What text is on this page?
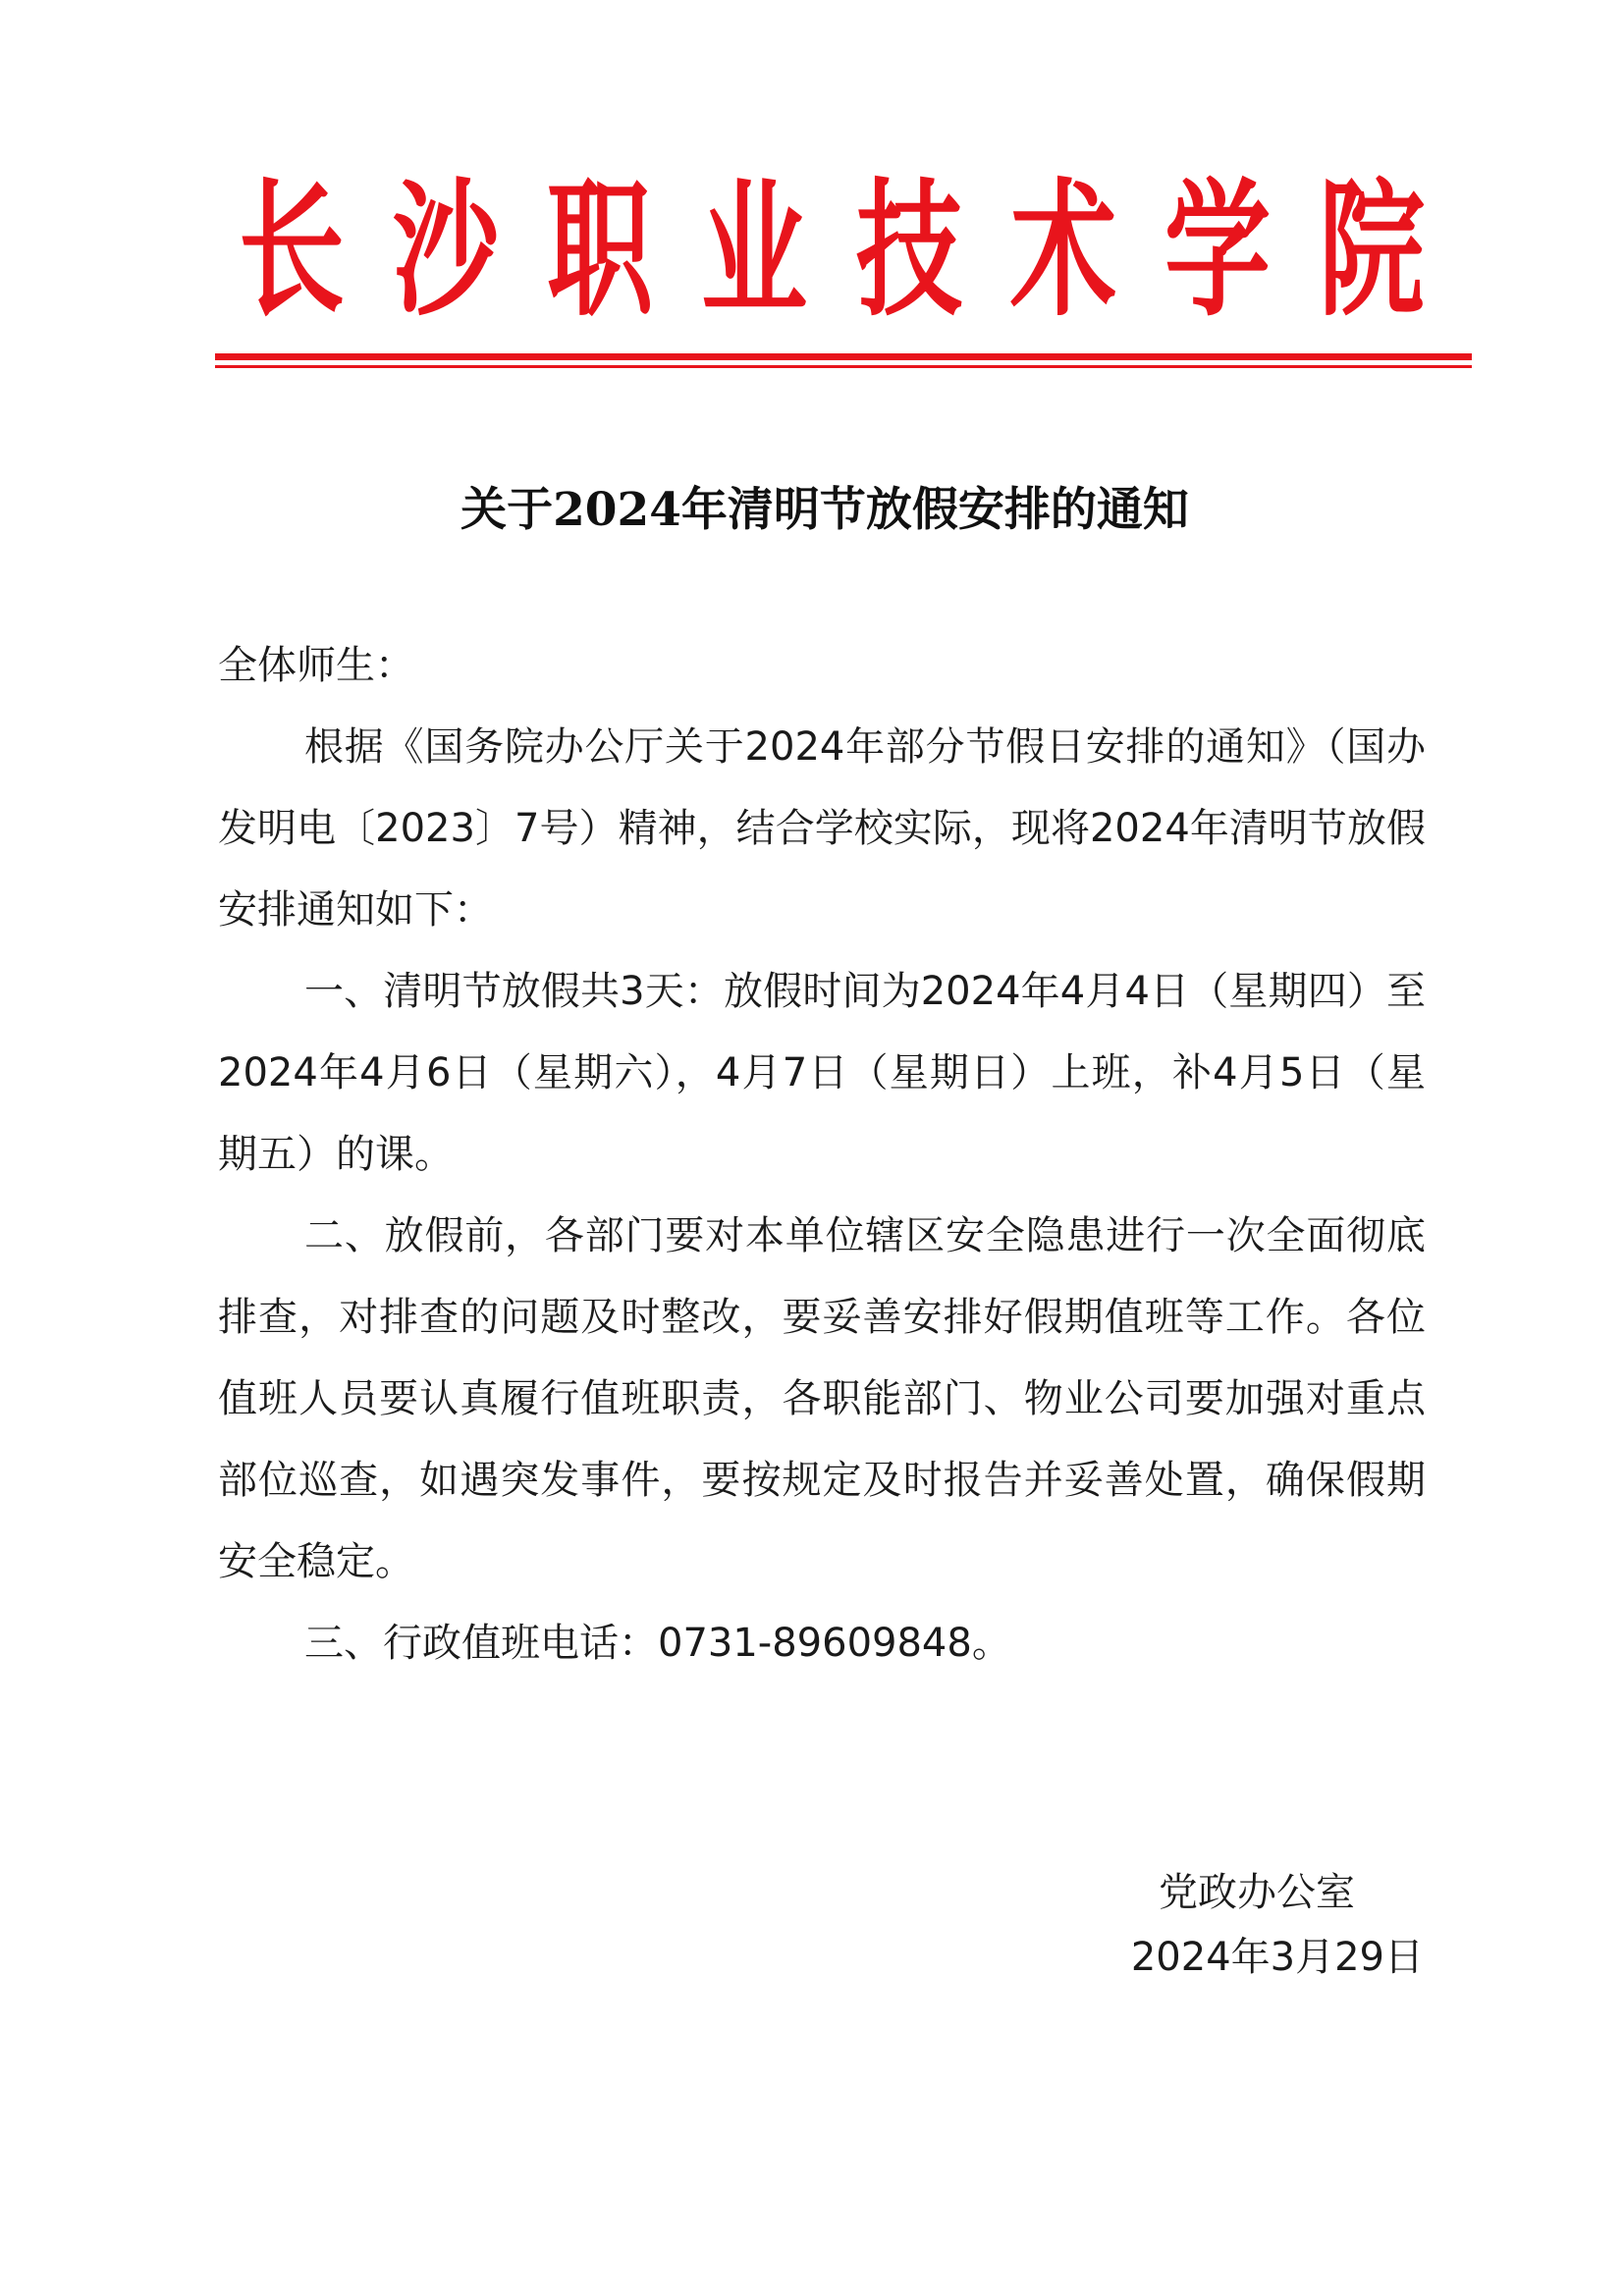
长 沙 职 业 技 术 学 院
关于2024年清明节放假安排的通知

全体师生：

根据《国务院办公厅关于2024年部分节假日安排的通知》（国办发明电〔2023〕7号）精神，结合学校实际，现将2024年清明节放假安排通知如下：

一、清明节放假共3天：放假时间为2024年4月4日（星期四）至2024年4月6日（星期六），4月7日（星期日）上班，补4月5日（星期五）的课。

二、放假前，各部门要对本单位辖区安全隐患进行一次全面彻底排查，对排查的问题及时整改，要妥善安排好假期值班等工作。各位值班人员要认真履行值班职责，各职能部门、物业公司要加强对重点部位巡查，如遇突发事件，要按规定及时报告并妥善处置，确保假期安全稳定。

三、行政值班电话：0731-89609848。

党政办公室
2024年3月29日
